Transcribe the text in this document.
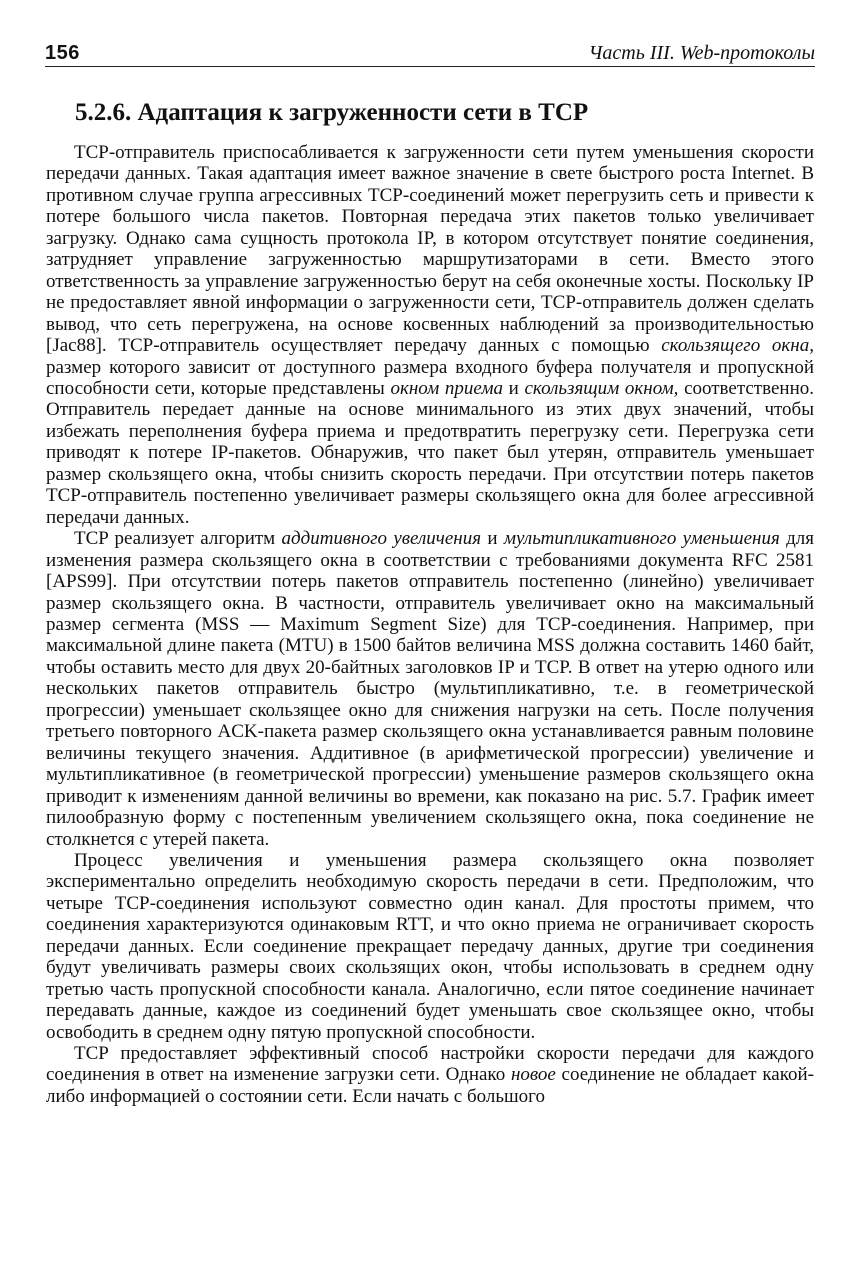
156	Часть III. Web-протоколы
5.2.6. Адаптация к загруженности сети в TCP

TCP-отправитель приспосабливается к загруженности сети путем уменьшения скорости передачи данных. Такая адаптация имеет важное значение в свете быстрого роста Internet. В противном случае группа агрессивных TCP-соединений может перегрузить сеть и привести к потере большого числа пакетов. Повторная передача этих пакетов только увеличивает загрузку. Однако сама сущность протокола IP, в котором отсутствует понятие соединения, затрудняет управление загруженностью маршрутизаторами в сети. Вместо этого ответственность за управление загруженностью берут на себя оконечные хосты. Поскольку IP не предоставляет явной информации о загруженности сети, TCP-отправитель должен сделать вывод, что сеть перегружена, на основе косвенных наблюдений за производительностью [Jac88]. TCP-отправитель осуществляет передачу данных с помощью скользящего окна, размер которого зависит от доступного размера входного буфера получателя и пропускной способности сети, которые представлены окном приема и скользящим окном, соответственно. Отправитель передает данные на основе минимального из этих двух значений, чтобы избежать переполнения буфера приема и предотвратить перегрузку сети. Перегрузка сети приводят к потере IP-пакетов. Обнаружив, что пакет был утерян, отправитель уменьшает размер скользящего окна, чтобы снизить скорость передачи. При отсутствии потерь пакетов TCP-отправитель постепенно увеличивает размеры скользящего окна для более агрессивной передачи данных.

TCP реализует алгоритм аддитивного увеличения и мультипликативного уменьшения для изменения размера скользящего окна в соответствии с требованиями документа RFC 2581 [APS99]. При отсутствии потерь пакетов отправитель постепенно (линейно) увеличивает размер скользящего окна. В частности, отправитель увеличивает окно на максимальный размер сегмента (MSS — Maximum Segment Size) для TCP-соединения. Например, при максимальной длине пакета (MTU) в 1500 байтов величина MSS должна составить 1460 байт, чтобы оставить место для двух 20-байтных заголовков IP и TCP. В ответ на утерю одного или нескольких пакетов отправитель быстро (мультипликативно, т.е. в геометрической прогрессии) уменьшает скользящее окно для снижения нагрузки на сеть. После получения третьего повторного ACK-пакета размер скользящего окна устанавливается равным половине величины текущего значения. Аддитивное (в арифметической прогрессии) увеличение и мультипликативное (в геометрической прогрессии) уменьшение размеров скользящего окна приводит к изменениям данной величины во времени, как показано на рис. 5.7. График имеет пилообразную форму с постепенным увеличением скользящего окна, пока соединение не столкнется с утерей пакета.

Процесс увеличения и уменьшения размера скользящего окна позволяет экспериментально определить необходимую скорость передачи в сети. Предположим, что четыре TCP-соединения используют совместно один канал. Для простоты примем, что соединения характеризуются одинаковым RTT, и что окно приема не ограничивает скорость передачи данных. Если соединение прекращает передачу данных, другие три соединения будут увеличивать размеры своих скользящих окон, чтобы использовать в среднем одну третью часть пропускной способности канала. Аналогично, если пятое соединение начинает передавать данные, каждое из соединений будет уменьшать свое скользящее окно, чтобы освободить в среднем одну пятую пропускной способности.

TCP предоставляет эффективный способ настройки скорости передачи для каждого соединения в ответ на изменение загрузки сети. Однако новое соединение не обладает какой-либо информацией о состоянии сети. Если начать с большого
